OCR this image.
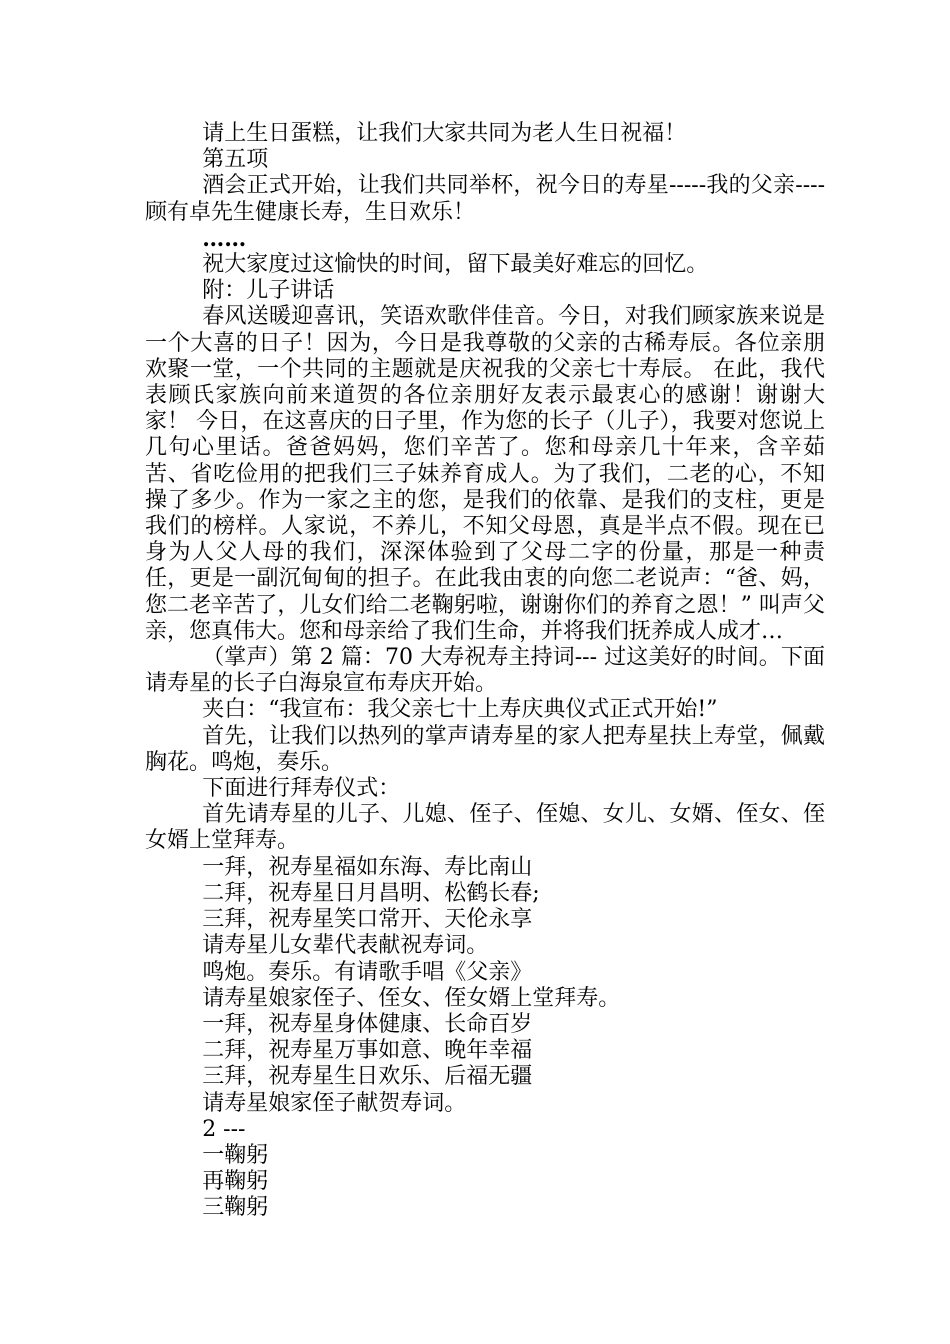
请上生日蛋糕，让我们大家共同为老人生日祝福！

第五项

酒会正式开始，让我们共同举杯，祝今日的寿星-----我的父亲----顾有卓先生健康长寿，生日欢乐！

……

祝大家度过这愉快的时间，留下最美好难忘的回忆。

附：儿子讲话

春风送暖迎喜讯，笑语欢歌伴佳音。今日，对我们顾家族来说是一个大喜的日子！因为，今日是我尊敬的父亲的古稀寿辰。各位亲朋欢聚一堂，一个共同的主题就是庆祝我的父亲七十寿辰。 在此，我代表顾氏家族向前来道贺的各位亲朋好友表示最衷心的感谢！谢谢大家！ 今日，在这喜庆的日子里，作为您的长子（儿子），我要对您说上几句心里话。爸爸妈妈，您们辛苦了。您和母亲几十年来，含辛茹苦、省吃俭用的把我们三子妹养育成人。为了我们，二老的心，不知操了多少。作为一家之主的您，是我们的依靠、是我们的支柱，更是我们的榜样。人家说，不养儿，不知父母恩，真是半点不假。现在已身为人父人母的我们，深深体验到了父母二字的份量，那是一种责任，更是一副沉甸甸的担子。在此我由衷的向您二老说声：“爸、妈，您二老辛苦了，儿女们给二老鞠躬啦，谢谢你们的养育之恩！” 叫声父亲，您真伟大。您和母亲给了我们生命，并将我们抚养成人成才…

（掌声）第 2 篇：70 大寿祝寿主持词--- 过这美好的时间。下面请寿星的长子白海泉宣布寿庆开始。

夹白：“我宣布：我父亲七十上寿庆典仪式正式开始!”

首先，让我们以热列的掌声请寿星的家人把寿星扶上寿堂，佩戴胸花。鸣炮，奏乐。

下面进行拜寿仪式：

首先请寿星的儿子、儿媳、侄子、侄媳、女儿、女婿、侄女、侄女婿上堂拜寿。

一拜，祝寿星福如东海、寿比南山

二拜，祝寿星日月昌明、松鹤长春;

三拜，祝寿星笑口常开、天伦永享

请寿星儿女辈代表献祝寿词。

鸣炮。奏乐。有请歌手唱《父亲》

请寿星娘家侄子、侄女、侄女婿上堂拜寿。

一拜，祝寿星身体健康、长命百岁

二拜，祝寿星万事如意、晚年幸福

三拜，祝寿星生日欢乐、后福无疆

请寿星娘家侄子献贺寿词。

2 ---

一鞠躬

再鞠躬

三鞠躬
